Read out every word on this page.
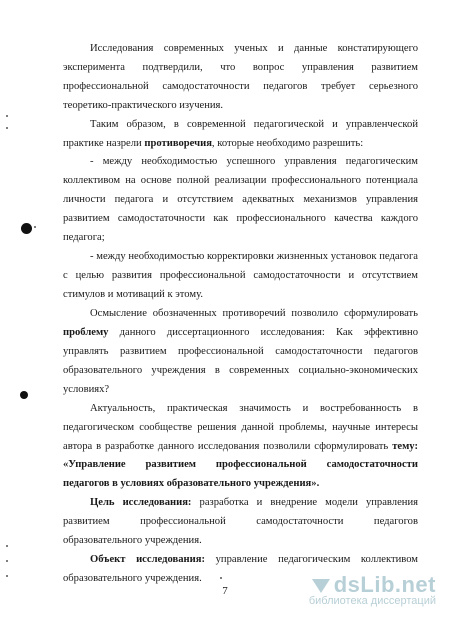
Исследования современных ученых и данные констатирующего
эксперимента подтвердили, что вопрос управления развитием
профессиональной самодостаточности педагогов требует серьезного
теоретико-практического изучения.
Таким образом, в современной педагогической и управленческой
практике назрели противоречия, которые необходимо разрешить:
- между необходимостью успешного управления педагогическим
коллективом на основе полной реализации профессионального потенциала
личности педагога и отсутствием адекватных механизмов управления
развитием самодостаточности как профессионального качества каждого
педагога;
- между необходимостью корректировки жизненных установок педагога
с целью развития профессиональной самодостаточности и отсутствием
стимулов и мотиваций к этому.
Осмысление обозначенных противоречий позволило сформулировать
проблему данного диссертационного исследования: Как эффективно
управлять развитием профессиональной самодостаточности педагогов
образовательного учреждения в современных социально-экономических
условиях?
Актуальность, практическая значимость и востребованность в
педагогическом сообществе решения данной проблемы, научные интересы
автора в разработке данного исследования позволили сформулировать тему:
«Управление развитием профессиональной самодостаточности
педагогов в условиях образовательного учреждения».
Цель исследования: разработка и внедрение модели управления
развитием профессиональной самодостаточности педагогов
образовательного учреждения.
Объект исследования: управление педагогическим коллективом
образовательного учреждения.
7	dsLib.net
библиотека диссертаций
